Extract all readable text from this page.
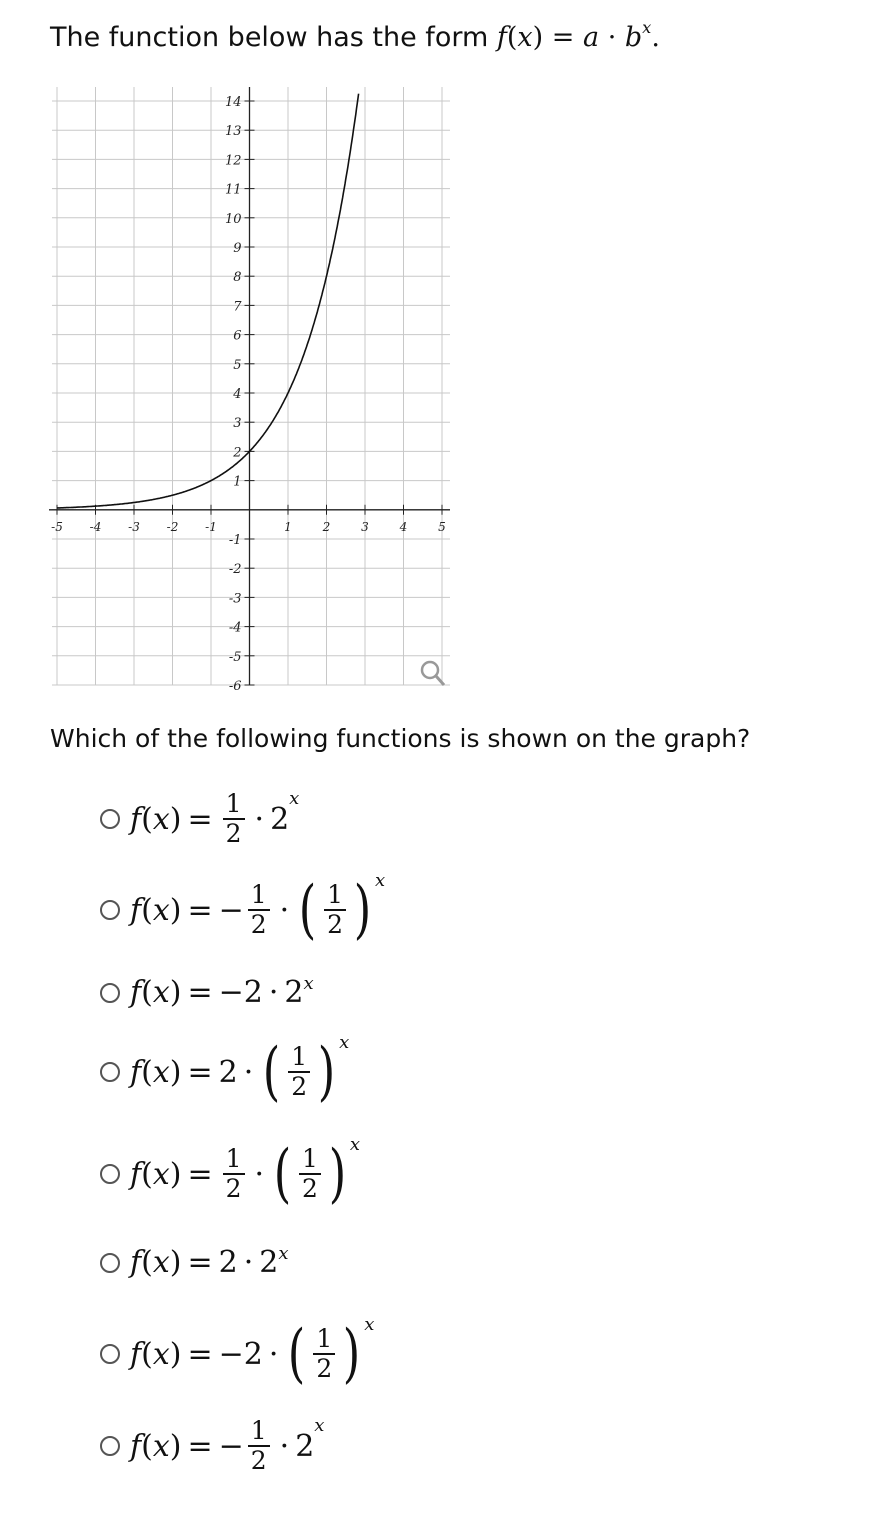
The function below has the form $f(x) = a \cdot b^x$.
-5 -4 -3 -2 -1	1	2	3	4	5
14
13
12
11
10
9
8
7
6
5
4
3
2
1
-1
-2
-3
-4
-5
-6
Which of the following functions is shown on the graph?
f ( x ) = $\frac{1}{2} \cdot 2$
x
f ( x ) = − $\frac{1}{2}$ · ( $\frac{1}{2}$ ) x
f ( x ) = −2 · 2 x
f ( x ) = 2 · ( $\frac{1}{2}$ ) x
f ( x ) = $\frac{1}{2}$ · ( $\frac{1}{2}$ ) x
f ( x ) = 2 · 2 x
f ( x ) = −2 · ( $\frac{1}{2}$ ) x
f ( x ) = − $\frac{1}{2} \cdot 2$
x
